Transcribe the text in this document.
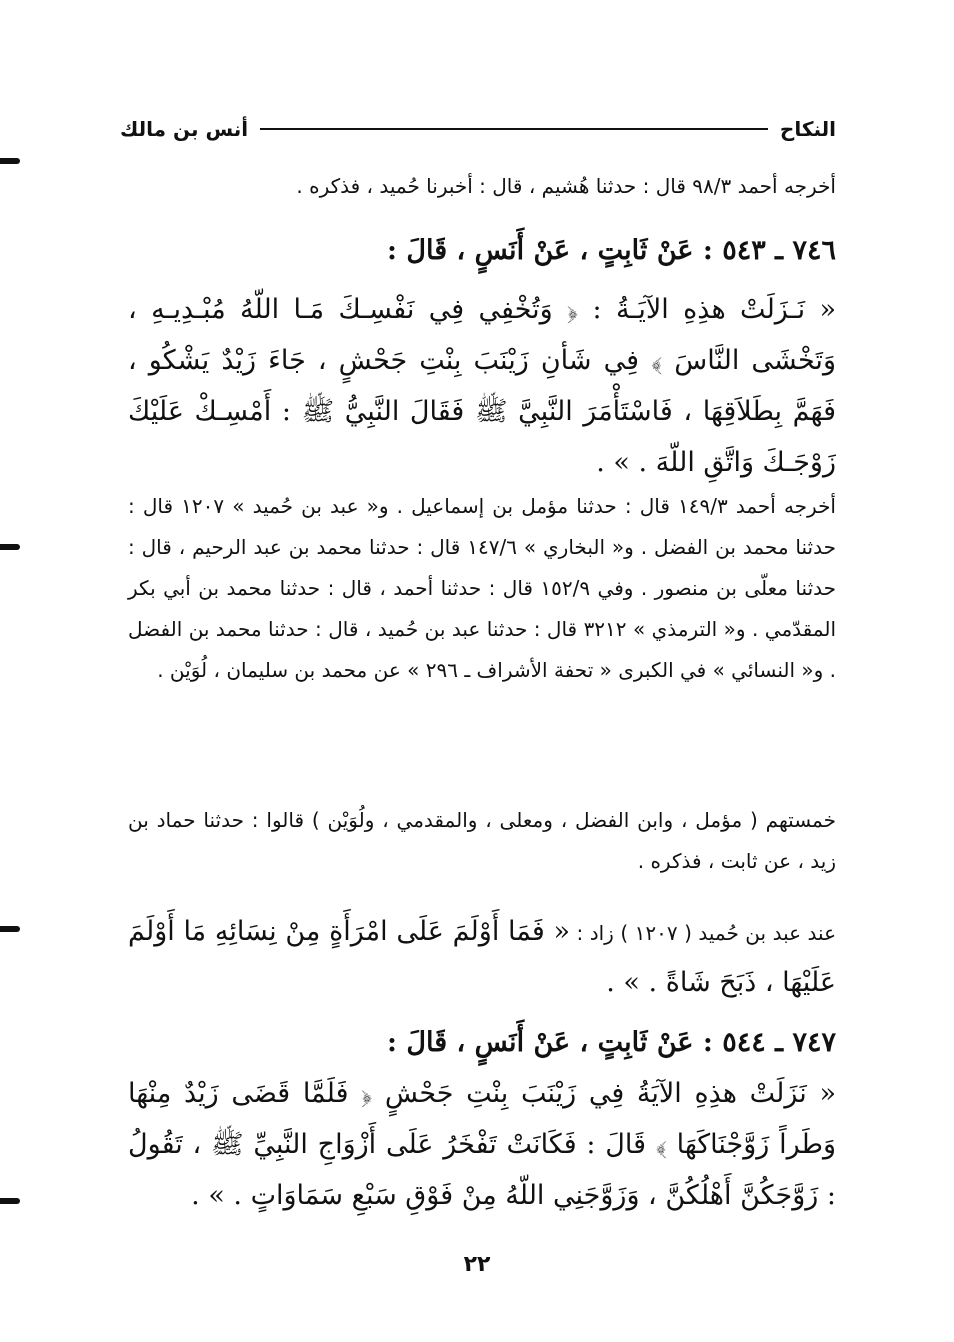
النكاح
أنس بن مالك
أخرجه أحمد ٩٨/٣ قال : حدثنا هُشيم ، قال : أخبرنا حُميد ، فذكره .
٧٤٦ ـ ٥٤٣ : عَنْ ثَابِتٍ ، عَنْ أَنَسٍ ، قَالَ :
« نَـزَلَتْ هذِهِ الآيَـةُ : ﴿ وَتُخْفِي فِي نَفْسِـكَ مَـا اللّهُ مُبْـدِيـهِ ، وَتَخْشَى النَّاسَ ﴾ فِي شَأنِ زَيْنَبَ بِنْتِ جَحْشٍ ، جَاءَ زَيْدٌ يَشْكُو ، فَهَمَّ بِطَلاَقِهَا ، فَاسْتَأْمَرَ النَّبِيَّ ﷺ فَقَالَ النَّبِيُّ ﷺ : أَمْسِـكْ عَلَيْكَ زَوْجَـكَ وَاتَّقِ اللّهَ . » .
أخرجه أحمد ١٤٩/٣ قال : حدثنا مؤمل بن إسماعيل . و« عبد بن حُميد » ١٢٠٧ قال : حدثنا محمد بن الفضل . و« البخاري » ١٤٧/٦ قال : حدثنا محمد بن عبد الرحيم ، قال : حدثنا معلّى بن منصور . وفي ١٥٢/٩ قال : حدثنا أحمد ، قال : حدثنا محمد بن أبي بكر المقدّمي . و« الترمذي » ٣٢١٢ قال : حدثنا عبد بن حُميد ، قال : حدثنا محمد بن الفضل . و« النسائي » في الكبرى « تحفة الأشراف ـ ٢٩٦ » عن محمد بن سليمان ، لُوَيْن .
خمستهم ( مؤمل ، وابن الفضل ، ومعلى ، والمقدمي ، ولُوَيْن ) قالوا : حدثنا حماد بن زيد ، عن ثابت ، فذكره .
عند عبد بن حُميد ( ١٢٠٧ ) زاد : « فَمَا أَوْلَمَ عَلَى امْرَأَةٍ مِنْ نِسَائِهِ مَا أَوْلَمَ عَلَيْهَا ، ذَبَحَ شَاةً . » .
٧٤٧ ـ ٥٤٤ : عَنْ ثَابِتٍ ، عَنْ أَنَسٍ ، قَالَ :
« نَزَلَتْ هذِهِ الآيَةُ فِي زَيْنَبَ بِنْتِ جَحْشٍ ﴿ فَلَمَّا قَضَى زَيْدٌ مِنْهَا وَطَراً زَوَّجْنَاكَهَا ﴾ قَالَ : فَكَانَتْ تَفْخَرُ عَلَى أَزْوَاجِ النَّبِيِّ ﷺ ، تَقُولُ : زَوَّجَكُنَّ أَهْلُكُنَّ ، وَزَوَّجَنِي اللّهُ مِنْ فَوْقِ سَبْعِ سَمَاوَاتٍ . » .
٢٢
